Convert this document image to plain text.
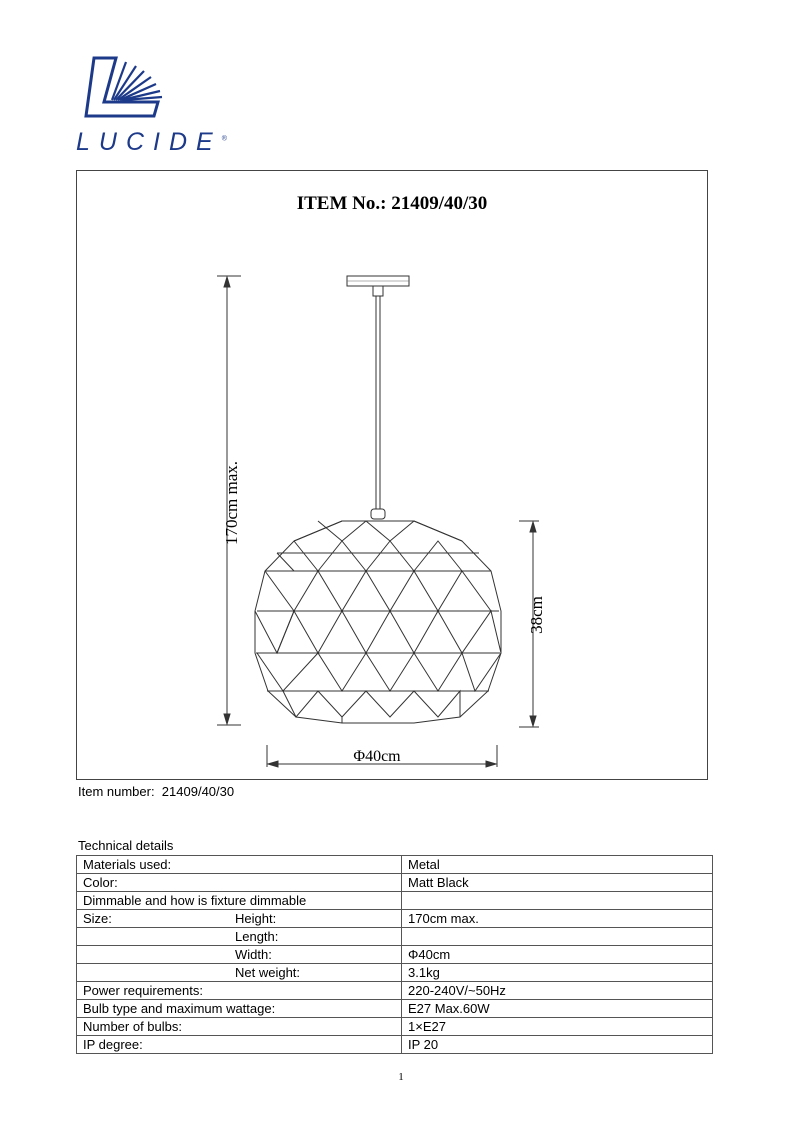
LUCIDE®
ITEM No.: 21409/40/30
170cm max.
38cm
Φ40cm
Item number:  21409/40/30
Technical details
Materials used:	Metal
Color:	Matt Black
Dimmable and how is fixture dimmable

Size: Height:	170cm max.

Length:	

Width:	Φ40cm

Net weight:	3.1kg
Power requirements:	220-240V/~50Hz
Bulb type and maximum wattage:	E27 Max.60W
Number of bulbs:	1×E27
IP degree:	IP 20
1
